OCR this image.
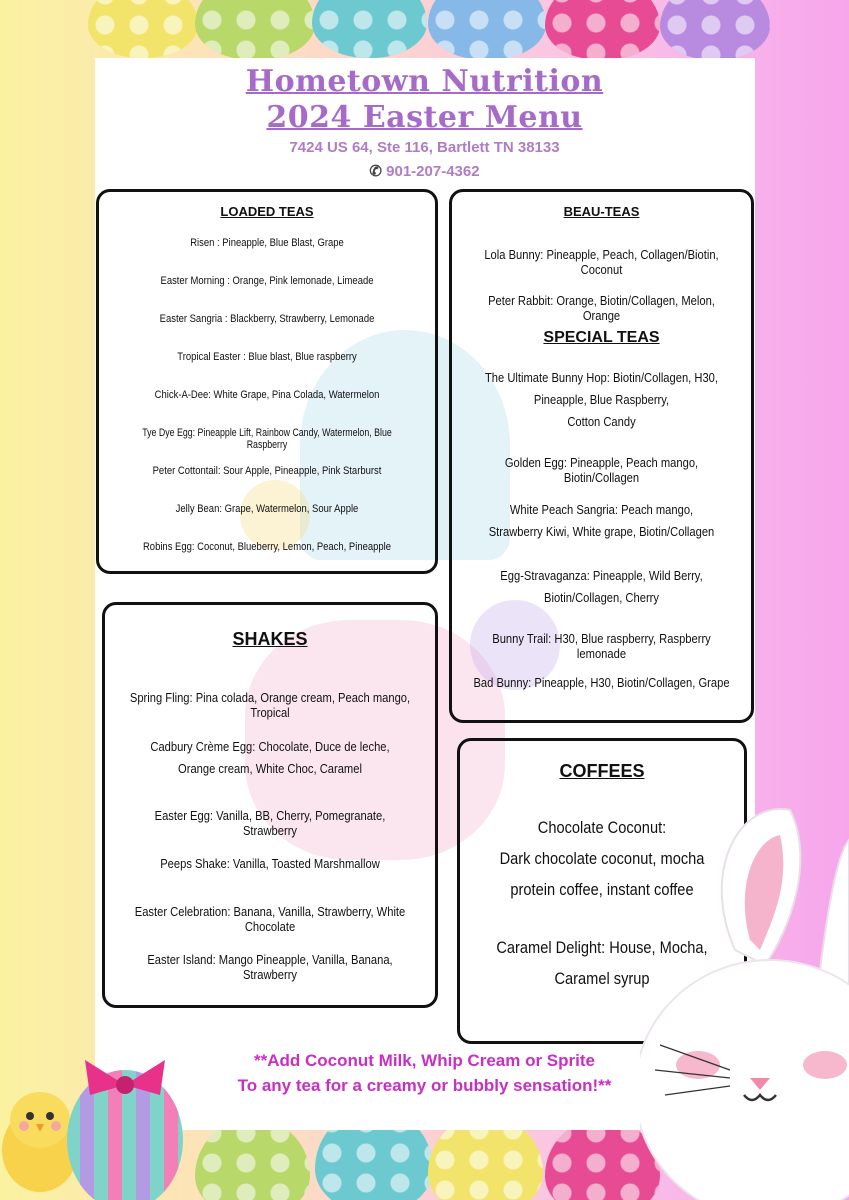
Hometown Nutrition
2024 Easter Menu
7424 US 64, Ste 116, Bartlett TN 38133
✆ 901-207-4362
LOADED TEAS
Risen : Pineapple, Blue Blast, Grape
Easter Morning : Orange, Pink lemonade, Limeade
Easter Sangria : Blackberry, Strawberry, Lemonade
Tropical Easter : Blue blast, Blue raspberry
Chick-A-Dee: White Grape, Pina Colada, Watermelon
Tye Dye Egg: Pineapple Lift, Rainbow Candy, Watermelon, Blue Raspberry
Peter Cottontail: Sour Apple, Pineapple, Pink Starburst
Jelly Bean: Grape, Watermelon, Sour Apple
Robins Egg: Coconut, Blueberry, Lemon, Peach, Pineapple
BEAU-TEAS
Lola Bunny: Pineapple, Peach, Collagen/Biotin, Coconut
Peter Rabbit: Orange, Biotin/Collagen, Melon, Orange
SPECIAL TEAS
The Ultimate Bunny Hop: Biotin/Collagen, H30, Pineapple, Blue Raspberry,
Cotton Candy
Golden Egg: Pineapple, Peach mango, Biotin/Collagen
White Peach Sangria: Peach mango, Strawberry Kiwi, White grape, Biotin/Collagen
Egg-Stravaganza: Pineapple, Wild Berry, Biotin/Collagen, Cherry
Bunny Trail: H30, Blue raspberry, Raspberry lemonade
Bad Bunny: Pineapple, H30, Biotin/Collagen, Grape
SHAKES
Spring Fling: Pina colada, Orange cream, Peach mango, Tropical
Cadbury Crème Egg: Chocolate, Duce de leche, Orange cream, White Choc, Caramel
Easter Egg: Vanilla, BB, Cherry, Pomegranate, Strawberry
Peeps Shake: Vanilla, Toasted Marshmallow
Easter Celebration: Banana, Vanilla, Strawberry, White Chocolate
Easter Island: Mango Pineapple, Vanilla, Banana, Strawberry
COFFEES
Chocolate Coconut:
Dark chocolate coconut, mocha protein coffee, instant coffee
Caramel Delight: House, Mocha, Caramel syrup
**Add Coconut Milk, Whip Cream or Sprite
To any tea for a creamy or bubbly sensation!**
